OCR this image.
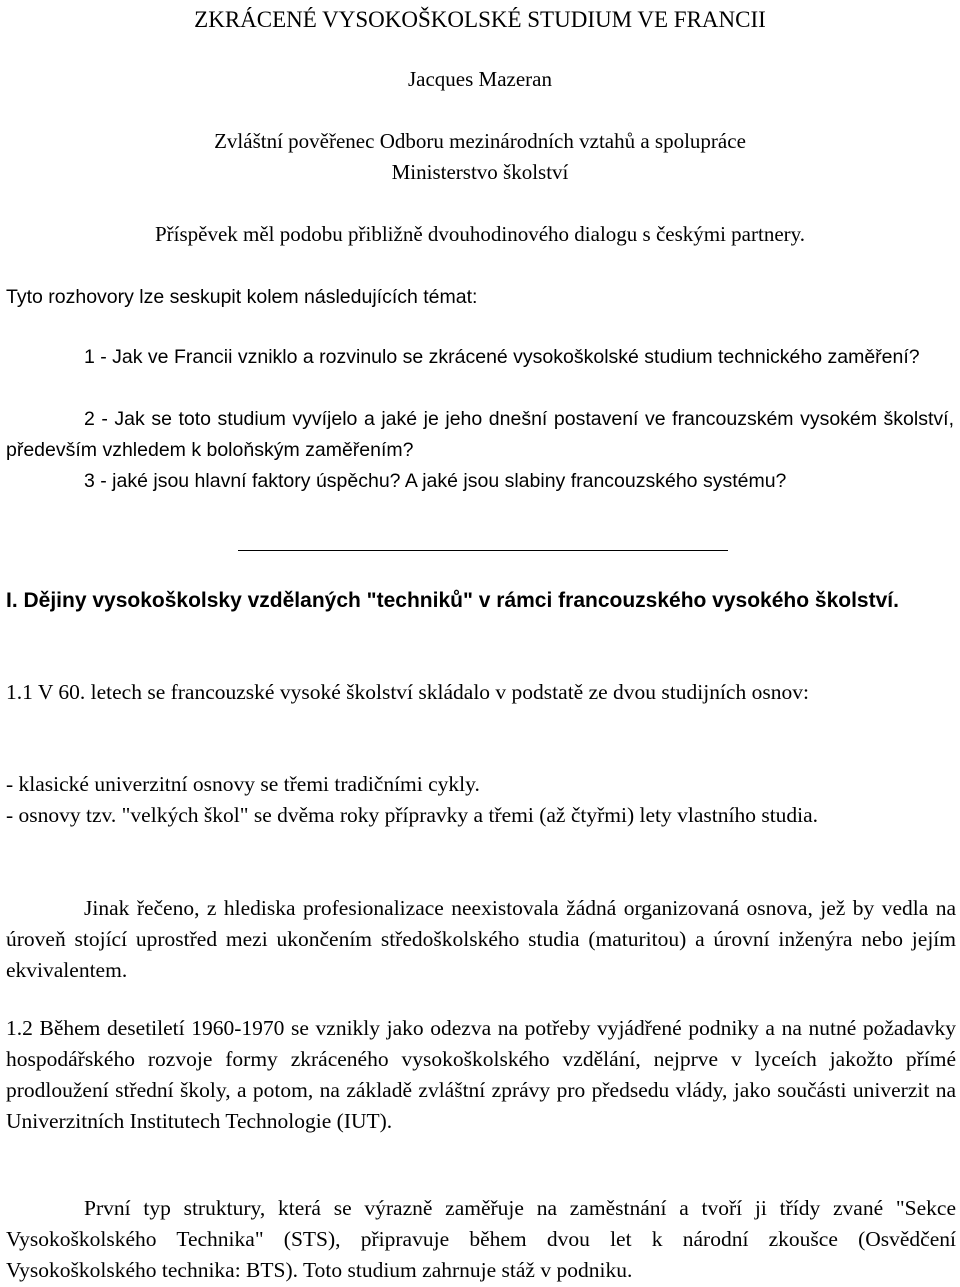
ZKRÁCENÉ VYSOKOŠKOLSKÉ STUDIUM VE FRANCII
Jacques Mazeran
Zvláštní pověřenec Odboru mezinárodních vztahů a spolupráce
Ministerstvo školství
Příspěvek měl podobu přibližně dvouhodinového dialogu s českými partnery.
Tyto rozhovory lze seskupit kolem následujících témat:
1 - Jak ve Francii vzniklo a rozvinulo se zkrácené vysokoškolské studium technického zaměření?
2 - Jak se toto studium vyvíjelo a jaké je jeho dnešní postavení ve francouzském vysokém školství, především vzhledem k boloňským zaměřením?
3 - jaké jsou hlavní faktory úspěchu? A jaké jsou slabiny francouzského systému?
I. Dějiny vysokoškolsky vzdělaných "techniků" v rámci francouzského vysokého školství.
1.1 V 60. letech se francouzské vysoké školství skládalo v podstatě ze dvou studijních osnov:
- klasické univerzitní osnovy se třemi tradičními cykly.
- osnovy tzv. "velkých škol" se dvěma roky přípravky a třemi (až čtyřmi) lety vlastního studia.
Jinak řečeno, z hlediska profesionalizace neexistovala žádná organizovaná osnova, jež by vedla na úroveň stojící uprostřed mezi ukončením středoškolského studia (maturitou) a úrovní inženýra nebo jejím ekvivalentem.
1.2 Během desetiletí 1960-1970 se vznikly jako odezva na potřeby vyjádřené podniky a na nutné požadavky hospodářského rozvoje formy zkráceného vysokoškolského vzdělání, nejprve v lyceích jakožto přímé prodloužení střední školy, a potom, na základě zvláštní zprávy pro předsedu vlády, jako součásti univerzit na Univerzitních Institutech Technologie (IUT).
První typ struktury, která se výrazně zaměřuje na zaměstnání a tvoří ji třídy zvané "Sekce Vysokoškolského Technika" (STS), připravuje během dvou let k národní zkoušce (Osvědčení Vysokoškolského technika: BTS). Toto studium zahrnuje stáž v podniku.
